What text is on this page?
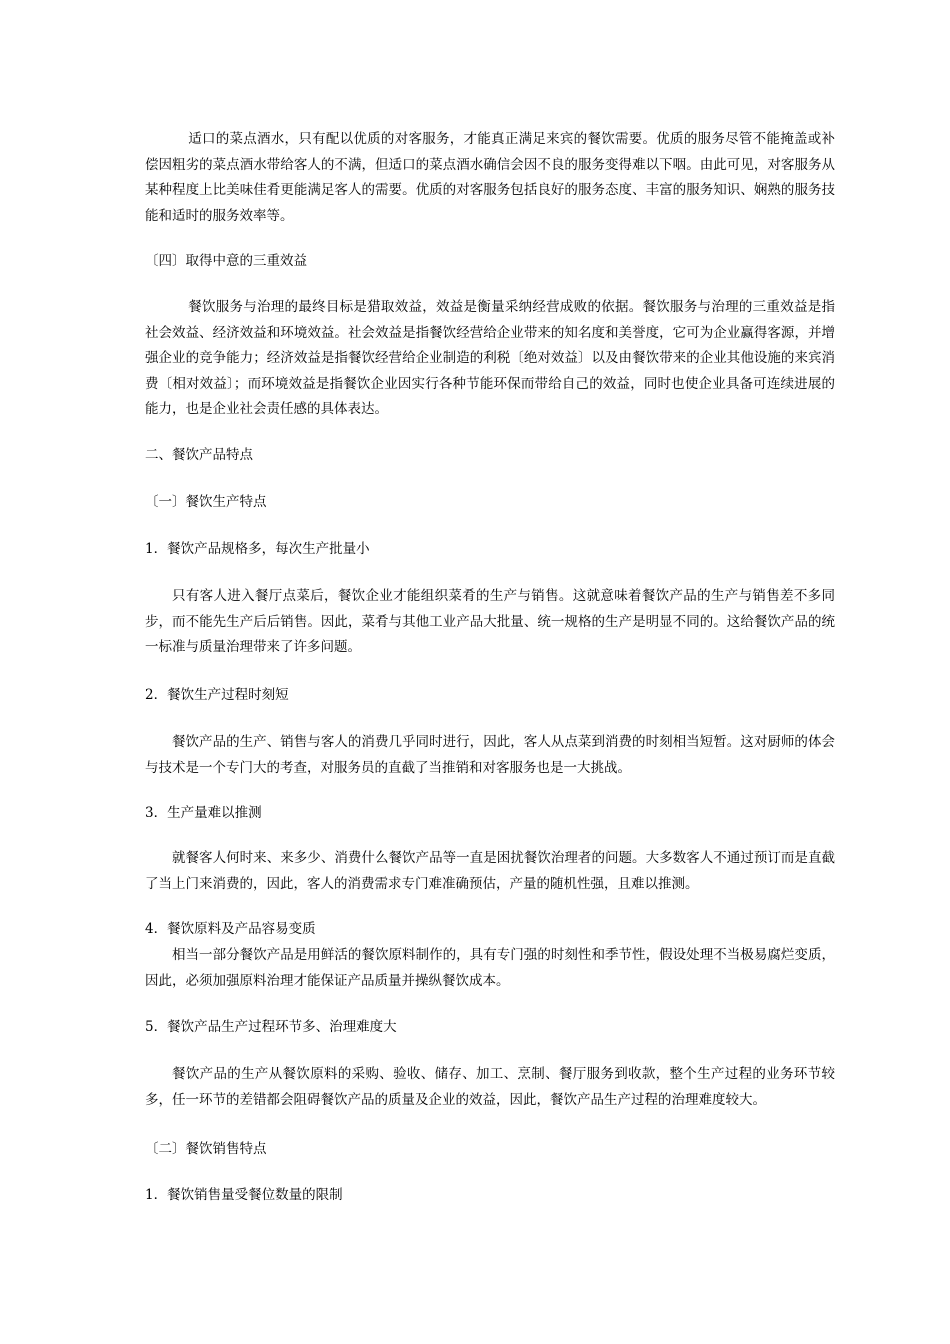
适口的菜点酒水，只有配以优质的对客服务，才能真正满足来宾的餐饮需要。优质的服务尽管不能掩盖或补偿因粗劣的菜点酒水带给客人的不满，但适口的菜点酒水确信会因不良的服务变得难以下咽。由此可见，对客服务从某种程度上比美味佳肴更能满足客人的需要。优质的对客服务包括良好的服务态度、丰富的服务知识、娴熟的服务技能和适时的服务效率等。

〔四〕取得中意的三重效益

餐饮服务与治理的最终目标是猎取效益，效益是衡量采纳经营成败的依据。餐饮服务与治理的三重效益是指社会效益、经济效益和环境效益。社会效益是指餐饮经营给企业带来的知名度和美誉度，它可为企业赢得客源，并增强企业的竞争能力；经济效益是指餐饮经营给企业制造的利税〔绝对效益〕以及由餐饮带来的企业其他设施的来宾消费〔相对效益〕；而环境效益是指餐饮企业因实行各种节能环保而带给自己的效益，同时也使企业具备可连续进展的能力，也是企业社会责任感的具体表达。

二、餐饮产品特点

〔一〕餐饮生产特点

1．餐饮产品规格多，每次生产批量小

只有客人进入餐厅点菜后，餐饮企业才能组织菜肴的生产与销售。这就意味着餐饮产品的生产与销售差不多同步，而不能先生产后后销售。因此，菜肴与其他工业产品大批量、统一规格的生产是明显不同的。这给餐饮产品的统一标准与质量治理带来了许多问题。

2．餐饮生产过程时刻短

餐饮产品的生产、销售与客人的消费几乎同时进行，因此，客人从点菜到消费的时刻相当短暂。这对厨师的体会与技术是一个专门大的考查，对服务员的直截了当推销和对客服务也是一大挑战。

3．生产量难以推测

就餐客人何时来、来多少、消费什么餐饮产品等一直是困扰餐饮治理者的问题。大多数客人不通过预订而是直截了当上门来消费的，因此，客人的消费需求专门难准确预估，产量的随机性强，且难以推测。

4．餐饮原料及产品容易变质

相当一部分餐饮产品是用鲜活的餐饮原料制作的，具有专门强的时刻性和季节性，假设处理不当极易腐烂变质，因此，必须加强原料治理才能保证产品质量并操纵餐饮成本。

5．餐饮产品生产过程环节多、治理难度大

餐饮产品的生产从餐饮原料的采购、验收、储存、加工、烹制、餐厅服务到收款，整个生产过程的业务环节较多，任一环节的差错都会阻碍餐饮产品的质量及企业的效益，因此，餐饮产品生产过程的治理难度较大。

〔二〕餐饮销售特点

1．餐饮销售量受餐位数量的限制
